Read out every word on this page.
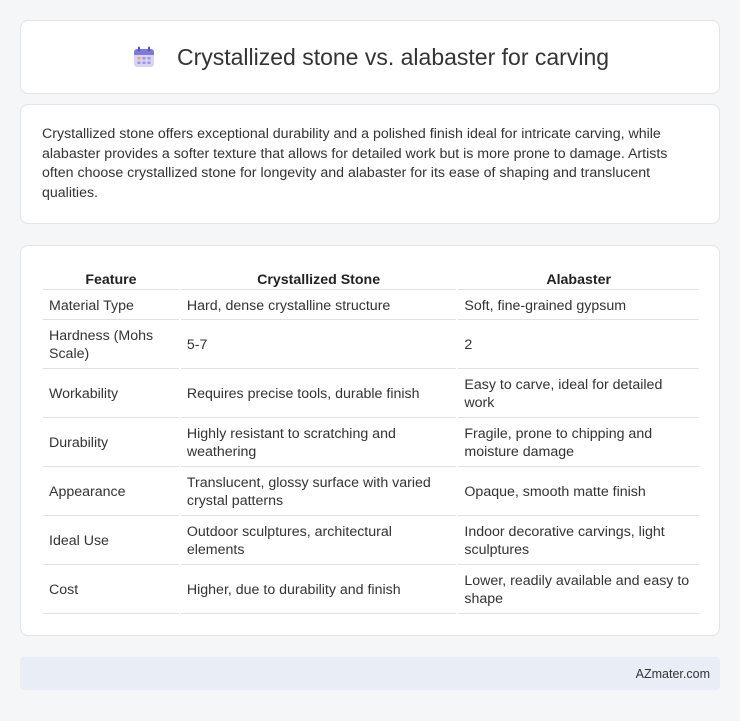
Crystallized stone vs. alabaster for carving

Crystallized stone offers exceptional durability and a polished finish ideal for intricate carving, while alabaster provides a softer texture that allows for detailed work but is more prone to damage. Artists often choose crystallized stone for longevity and alabaster for its ease of shaping and translucent qualities.

Feature	Crystallized Stone	Alabaster
Material Type	Hard, dense crystalline structure	Soft, fine-grained gypsum
Hardness (Mohs Scale)	5-7	2
Workability	Requires precise tools, durable finish	Easy to carve, ideal for detailed work
Durability	Highly resistant to scratching and weathering	Fragile, prone to chipping and moisture damage
Appearance	Translucent, glossy surface with varied crystal patterns	Opaque, smooth matte finish
Ideal Use	Outdoor sculptures, architectural elements	Indoor decorative carvings, light sculptures
Cost	Higher, due to durability and finish	Lower, readily available and easy to shape
AZmater.com
